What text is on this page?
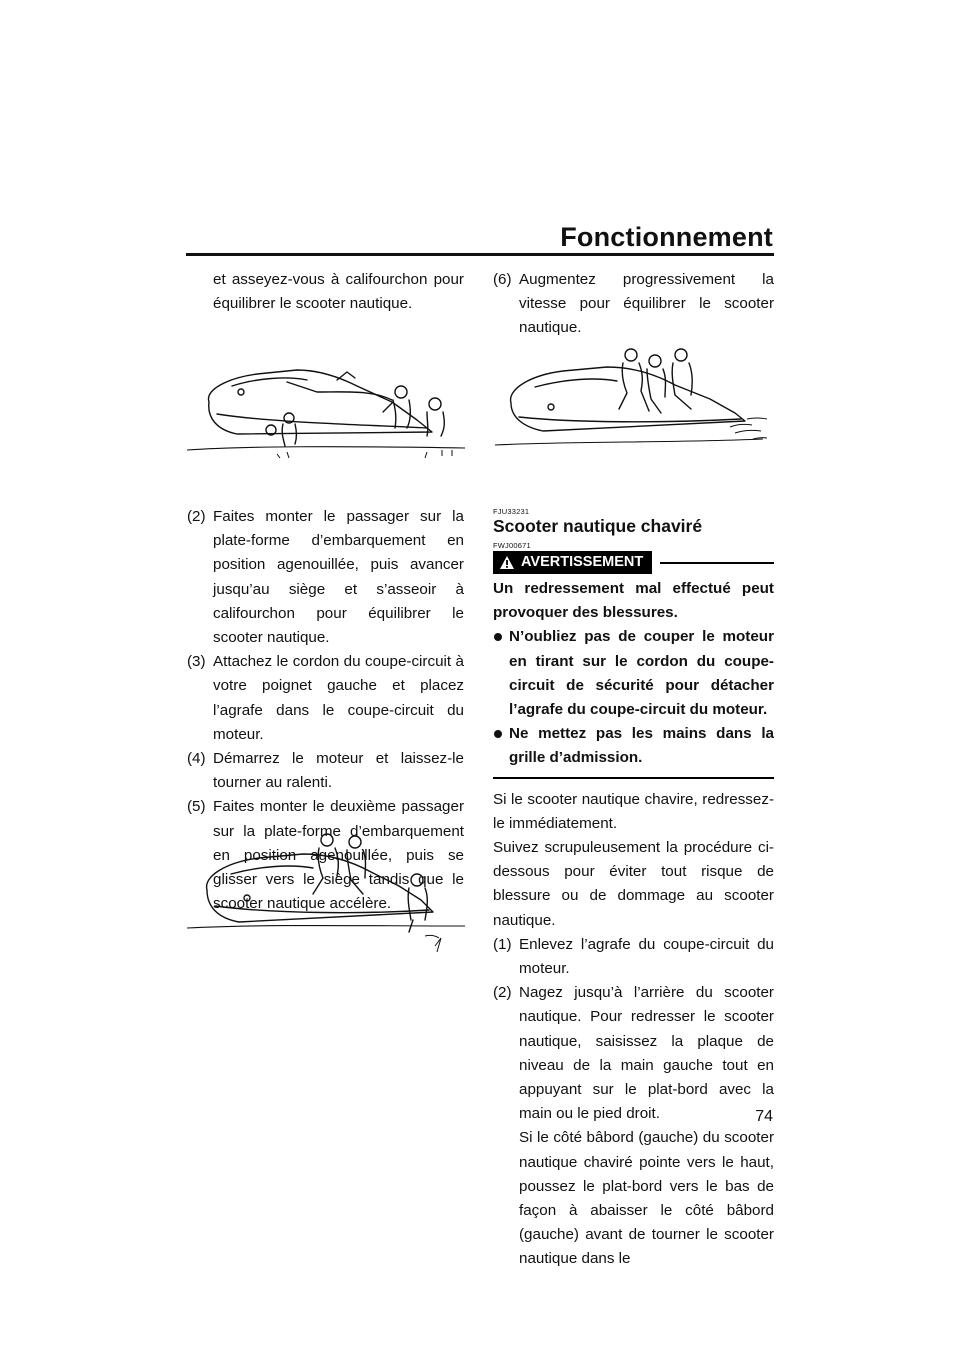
Fonctionnement

et asseyez-vous à califourchon pour équilibrer le scooter nautique.

(2) Faites monter le passager sur la plate-forme d’embarquement en position agenouillée, puis avancer jusqu’au siège et s’asseoir à califourchon pour équilibrer le scooter nautique.

(3) Attachez le cordon du coupe-circuit à votre poignet gauche et placez l’agrafe dans le coupe-circuit du moteur.

(4) Démarrez le moteur et laissez-le tourner au ralenti.

(5) Faites monter le deuxième passager sur la plate-forme d’embarquement en position agenouillée, puis se glisser vers le siège tandis que le scooter nautique accélère.

(6) Augmentez progressivement la vitesse pour équilibrer le scooter nautique.

FJU33231
Scooter nautique chaviré
FWJ00671
AVERTISSEMENT

Un redressement mal effectué peut provoquer des blessures.

N’oubliez pas de couper le moteur en tirant sur le cordon du coupe-circuit de sécurité pour détacher l’agrafe du coupe-circuit du moteur.

Ne mettez pas les mains dans la grille d’admission.

Si le scooter nautique chavire, redressez-le immédiatement.

Suivez scrupuleusement la procédure ci-dessous pour éviter tout risque de blessure ou de dommage au scooter nautique.

(1) Enlevez l’agrafe du coupe-circuit du moteur.

(2) Nagez jusqu’à l’arrière du scooter nautique. Pour redresser le scooter nautique, saisissez la plaque de niveau de la main gauche tout en appuyant sur le plat-bord avec la main ou le pied droit.

Si le côté bâbord (gauche) du scooter nautique chaviré pointe vers le haut, poussez le plat-bord vers le bas de façon à abaisser le côté bâbord (gauche) avant de tourner le scooter nautique dans le

74
